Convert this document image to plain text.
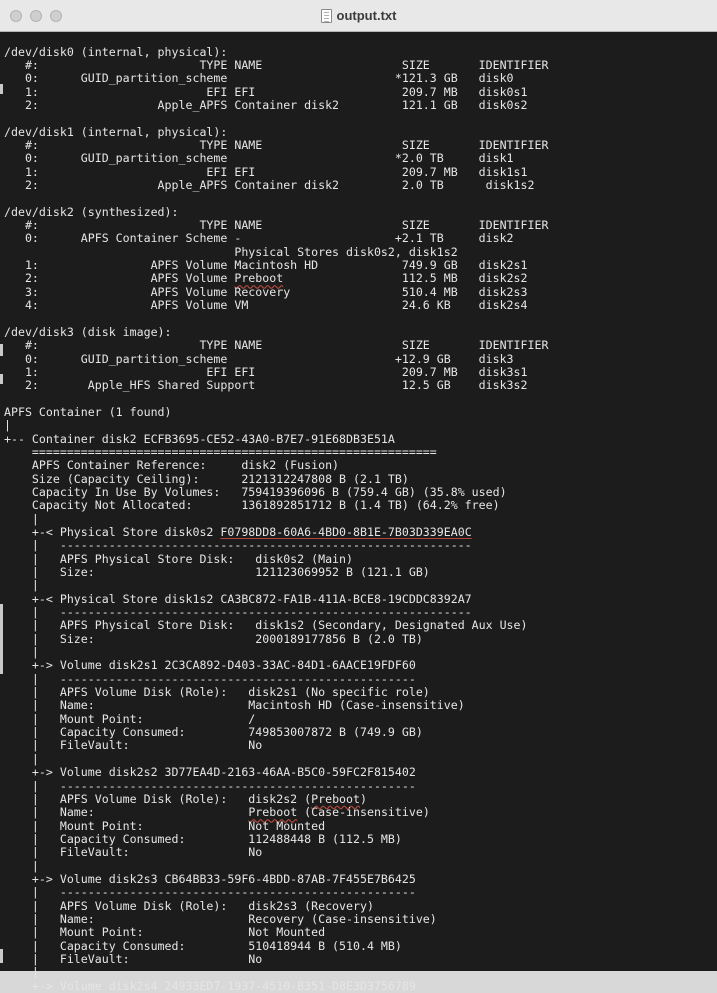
output.txt
/dev/disk0 (internal, physical):
#:                       TYPE NAME                    SIZE       IDENTIFIER
0:      GUID_partition_scheme                        *121.3 GB   disk0
1:                        EFI EFI                     209.7 MB   disk0s1
2:                 Apple_APFS Container disk2         121.1 GB   disk0s2

/dev/disk1 (internal, physical):
#:                       TYPE NAME                    SIZE       IDENTIFIER
0:      GUID_partition_scheme                        *2.0 TB     disk1
1:                        EFI EFI                     209.7 MB   disk1s1
2:                 Apple_APFS Container disk2         2.0 TB      disk1s2

/dev/disk2 (synthesized):
#:                       TYPE NAME                    SIZE       IDENTIFIER
0:      APFS Container Scheme -                      +2.1 TB     disk2
Physical Stores disk0s2, disk1s2
1:                APFS Volume Macintosh HD            749.9 GB   disk2s1
2:                APFS Volume Preboot	112.5 MB   disk2s2
3:                APFS Volume Recovery                510.4 MB   disk2s3
4:                APFS Volume VM                      24.6 KB    disk2s4

/dev/disk3 (disk image):
#:                       TYPE NAME                    SIZE       IDENTIFIER
0:      GUID_partition_scheme                        +12.9 GB    disk3
1:                        EFI EFI                     209.7 MB   disk3s1
2:       Apple_HFS Shared Support                     12.5 GB    disk3s2

APFS Container (1 found)
|
+-- Container disk2 ECFB3695-CE52-43A0-B7E7-91E68DB3E51A
==========================================================
APFS Container Reference:     disk2 (Fusion)
Size (Capacity Ceiling):      2121312247808 B (2.1 TB)
Capacity In Use By Volumes:   759419396096 B (759.4 GB) (35.8% used)
Capacity Not Allocated:       1361892851712 B (1.4 TB) (64.2% free)
|
+-< Physical Store disk0s2 F0798DD8-60A6-4BD0-8B1E-7B03D339EA0C
|   -----------------------------------------------------------
|   APFS Physical Store Disk:   disk0s2 (Main)
|   Size:                       121123069952 B (121.1 GB)
|
+-< Physical Store disk1s2 CA3BC872-FA1B-411A-BCE8-19CDDC8392A7
|   -----------------------------------------------------------
|   APFS Physical Store Disk:   disk1s2 (Secondary, Designated Aux Use)
|   Size:                       2000189177856 B (2.0 TB)
|
+-> Volume disk2s1 2C3CA892-D403-33AC-84D1-6AACE19FDF60
|   ---------------------------------------------------
|   APFS Volume Disk (Role):   disk2s1 (No specific role)
|   Name:                      Macintosh HD (Case-insensitive)
|   Mount Point:               /
|   Capacity Consumed:         749853007872 B (749.9 GB)
|   FileVault:                 No
|
+-> Volume disk2s2 3D77EA4D-2163-46AA-B5C0-59FC2F815402
|   ---------------------------------------------------
|   APFS Volume Disk (Role):   disk2s2 (Preboot)
|   Name:	Preboot (Case-insensitive)
|   Mount Point:               Not Mounted
|   Capacity Consumed:         112488448 B (112.5 MB)
|   FileVault:                 No
|
+-> Volume disk2s3 CB64BB33-59F6-4BDD-87AB-7F455E7B6425
|   ---------------------------------------------------
|   APFS Volume Disk (Role):   disk2s3 (Recovery)
|   Name:                      Recovery (Case-insensitive)
|   Mount Point:               Not Mounted
|   Capacity Consumed:         510418944 B (510.4 MB)
|   FileVault:                 No
|
+-> Volume disk2s4 24933ED7-1937-4510-B351-D8E3D3756789
